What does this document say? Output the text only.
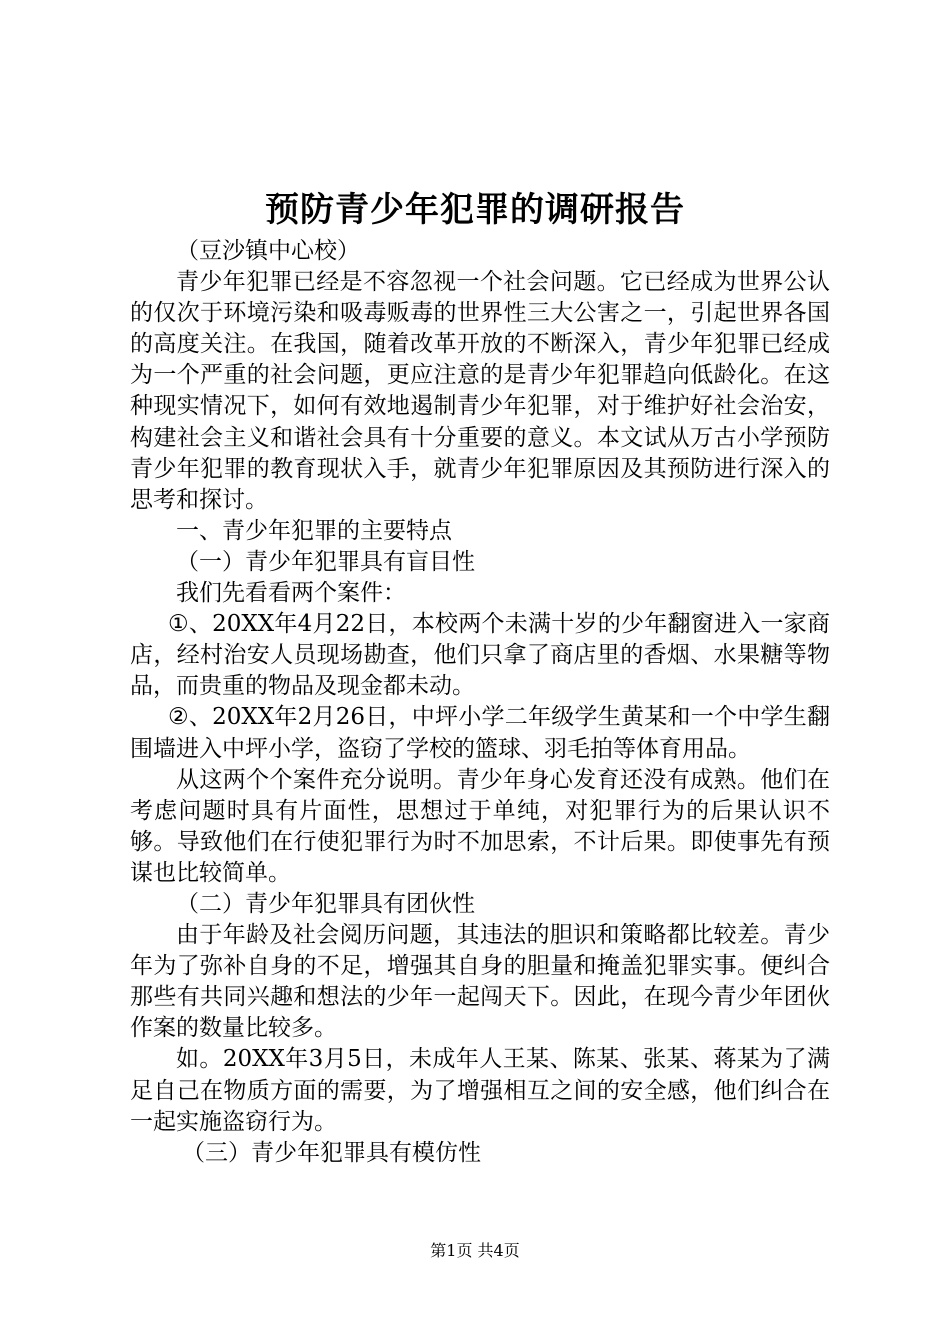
预防青少年犯罪的调研报告

（豆沙镇中心校）

青少年犯罪已经是不容忽视一个社会问题。它已经成为世界公认的仅次于环境污染和吸毒贩毒的世界性三大公害之一，引起世界各国的高度关注。在我国，随着改革开放的不断深入，青少年犯罪已经成为一个严重的社会问题，更应注意的是青少年犯罪趋向低龄化。在这种现实情况下，如何有效地遏制青少年犯罪，对于维护好社会治安，构建社会主义和谐社会具有十分重要的意义。本文试从万古小学预防青少年犯罪的教育现状入手，就青少年犯罪原因及其预防进行深入的思考和探讨。

一、青少年犯罪的主要特点

（一）青少年犯罪具有盲目性

我们先看看两个案件：

①、20XX年4月22日，本校两个未满十岁的少年翻窗进入一家商店，经村治安人员现场勘查，他们只拿了商店里的香烟、水果糖等物品，而贵重的物品及现金都未动。

②、20XX年2月26日，中坪小学二年级学生黄某和一个中学生翻围墙进入中坪小学，盗窃了学校的篮球、羽毛拍等体育用品。

从这两个个案件充分说明。青少年身心发育还没有成熟。他们在考虑问题时具有片面性，思想过于单纯，对犯罪行为的后果认识不够。导致他们在行使犯罪行为时不加思索，不计后果。即使事先有预谋也比较简单。

（二）青少年犯罪具有团伙性

由于年龄及社会阅历问题，其违法的胆识和策略都比较差。青少年为了弥补自身的不足，增强其自身的胆量和掩盖犯罪实事。便纠合那些有共同兴趣和想法的少年一起闯天下。因此，在现今青少年团伙作案的数量比较多。

如。20XX年3月5日，未成年人王某、陈某、张某、蒋某为了满足自己在物质方面的需要，为了增强相互之间的安全感，他们纠合在一起实施盗窃行为。

（三）青少年犯罪具有模仿性

第1页 共4页
